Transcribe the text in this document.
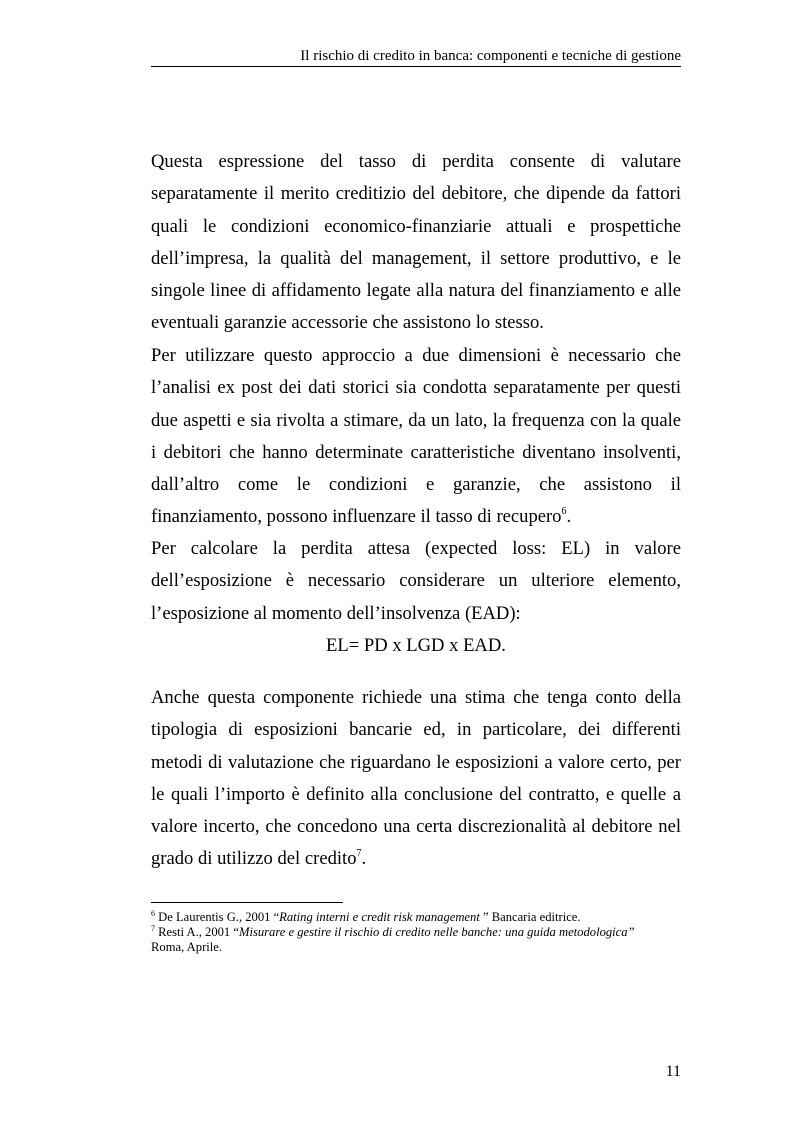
Il rischio di credito in banca: componenti e tecniche di gestione
Questa espressione del tasso di perdita consente di valutare
separatamente il merito creditizio del debitore, che dipende da fattori
quali le condizioni economico-finanziarie attuali e prospettiche
dell’impresa, la qualità del management, il settore produttivo, e le
singole linee di affidamento legate alla natura del finanziamento e alle
eventuali garanzie accessorie che assistono lo stesso.
Per utilizzare questo approccio a due dimensioni è necessario che
l’analisi ex post dei dati storici sia condotta separatamente per questi
due aspetti e sia rivolta a stimare, da un lato, la frequenza con la quale
i debitori che hanno determinate caratteristiche diventano insolventi,
dall’altro come le condizioni e garanzie, che assistono il
finanziamento, possono influenzare il tasso di recupero$^6$.
Per calcolare la perdita attesa (expected loss: EL) in valore
dell’esposizione è necessario considerare un ulteriore elemento,
l’esposizione al momento dell’insolvenza (EAD):
EL= PD x LGD x EAD.
Anche questa componente richiede una stima che tenga conto della
tipologia di esposizioni bancarie ed, in particolare, dei differenti
metodi di valutazione che riguardano le esposizioni a valore certo, per
le quali l’importo è definito alla conclusione del contratto, e quelle a
valore incerto, che concedono una certa discrezionalità al debitore nel
grado di utilizzo del credito$^7$.

$^6$ De Laurentis G., 2001 “Rating interni e credit risk management ” Bancaria editrice.

$^7$ Resti A., 2001 “Misurare e gestire il rischio di credito nelle banche: una guida metodologica”
Roma, Aprile.

11
